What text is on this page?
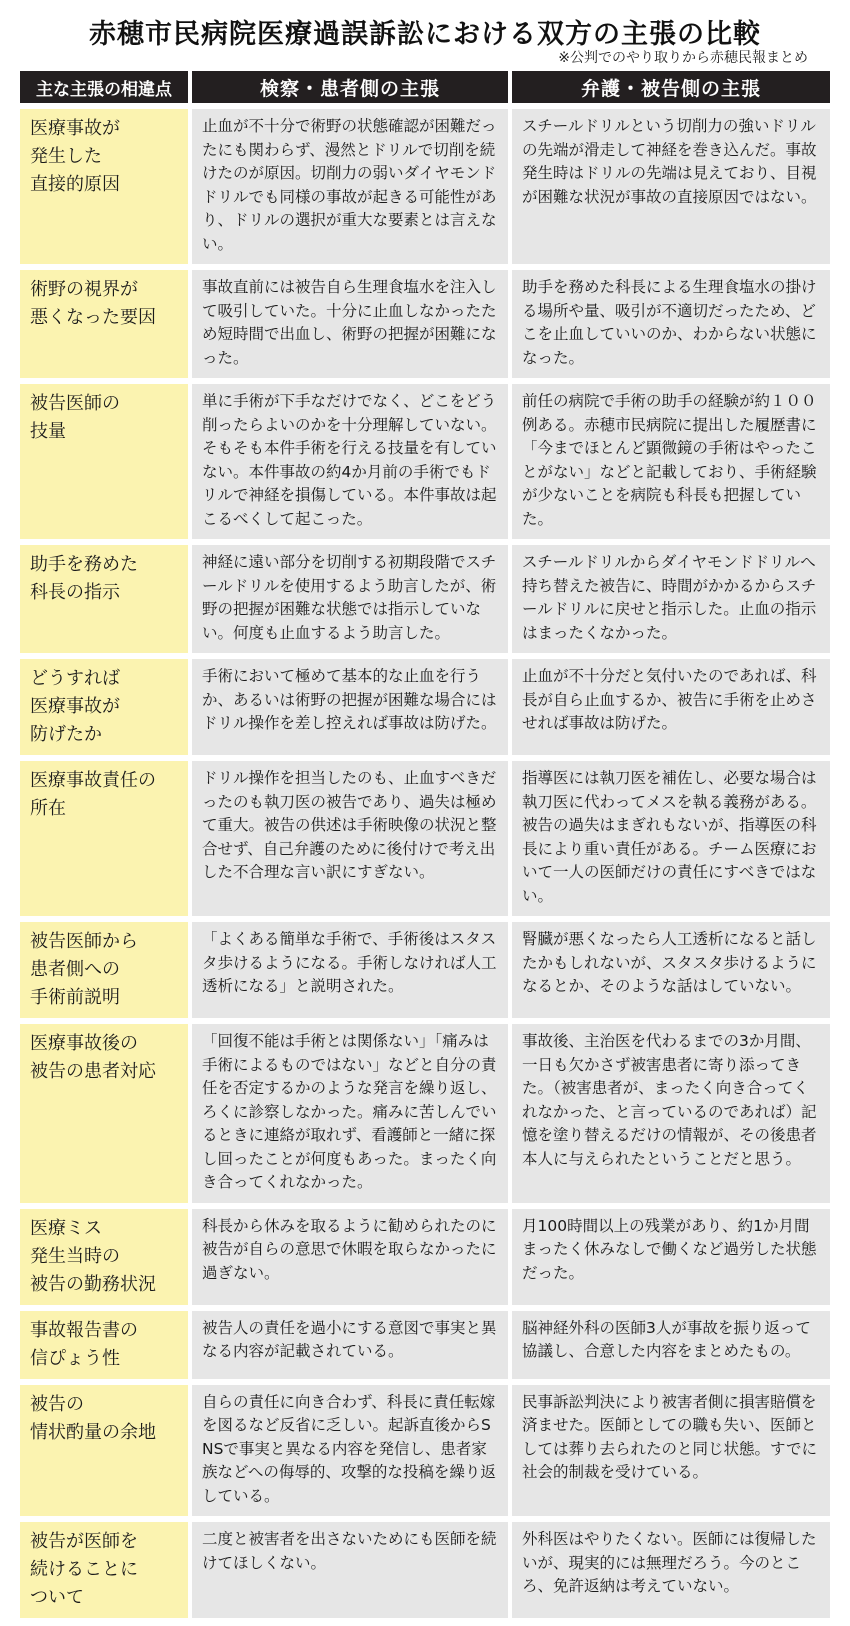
赤穂市民病院医療過誤訴訟における双方の主張の比較
※公判でのやり取りから赤穂民報まとめ
主な主張の相違点	検察・患者側の主張	弁護・被告側の主張
医療事故が
発生した
直接的原因
止血が不十分で術野の状態確認が困難だったにも関わらず、漫然とドリルで切削を続けたのが原因。切削力の弱いダイヤモンドドリルでも同様の事故が起きる可能性があり、ドリルの選択が重大な要素とは言えない。
スチールドリルという切削力の強いドリルの先端が滑走して神経を巻き込んだ。事故発生時はドリルの先端は見えており、目視が困難な状況が事故の直接原因ではない。
術野の視界が
悪くなった要因
事故直前には被告自ら生理食塩水を注入して吸引していた。十分に止血しなかったため短時間で出血し、術野の把握が困難になった。
助手を務めた科長による生理食塩水の掛ける場所や量、吸引が不適切だったため、どこを止血していいのか、わからない状態になった。
被告医師の
技量
単に手術が下手なだけでなく、どこをどう削ったらよいのかを十分理解していない。そもそも本件手術を行える技量を有していない。本件事故の約4か月前の手術でもドリルで神経を損傷している。本件事故は起こるべくして起こった。
前任の病院で手術の助手の経験が約１００例ある。赤穂市民病院に提出した履歴書に「今までほとんど顕微鏡の手術はやったことがない」などと記載しており、手術経験が少ないことを病院も科長も把握していた。
助手を務めた
科長の指示
神経に遠い部分を切削する初期段階でスチールドリルを使用するよう助言したが、術野の把握が困難な状態では指示していない。何度も止血するよう助言した。
スチールドリルからダイヤモンドドリルへ持ち替えた被告に、時間がかかるからスチールドリルに戻せと指示した。止血の指示はまったくなかった。
どうすれば
医療事故が
防げたか
手術において極めて基本的な止血を行うか、あるいは術野の把握が困難な場合にはドリル操作を差し控えれば事故は防げた。
止血が不十分だと気付いたのであれば、科長が自ら止血するか、被告に手術を止めさせれば事故は防げた。
医療事故責任の
所在
ドリル操作を担当したのも、止血すべきだったのも執刀医の被告であり、過失は極めて重大。被告の供述は手術映像の状況と整合せず、自己弁護のために後付けで考え出した不合理な言い訳にすぎない。
指導医には執刀医を補佐し、必要な場合は執刀医に代わってメスを執る義務がある。被告の過失はまぎれもないが、指導医の科長により重い責任がある。チーム医療において一人の医師だけの責任にすべきではない。
被告医師から
患者側への
手術前説明
「よくある簡単な手術で、手術後はスタスタ歩けるようになる。手術しなければ人工透析になる」と説明された。
腎臓が悪くなったら人工透析になると話したかもしれないが、スタスタ歩けるようになるとか、そのような話はしていない。
医療事故後の
被告の患者対応
「回復不能は手術とは関係ない」「痛みは手術によるものではない」などと自分の責任を否定するかのような発言を繰り返し、ろくに診察しなかった。痛みに苦しんでいるときに連絡が取れず、看護師と一緒に探し回ったことが何度もあった。まったく向き合ってくれなかった。
事故後、主治医を代わるまでの3か月間、一日も欠かさず被害患者に寄り添ってきた。（被害患者が、まったく向き合ってくれなかった、と言っているのであれば）記憶を塗り替えるだけの情報が、その後患者本人に与えられたということだと思う。
医療ミス
発生当時の
被告の勤務状況
科長から休みを取るように勧められたのに被告が自らの意思で休暇を取らなかったに過ぎない。
月100時間以上の残業があり、約1か月間まったく休みなしで働くなど過労した状態だった。
事故報告書の
信ぴょう性
被告人の責任を過小にする意図で事実と異なる内容が記載されている。
脳神経外科の医師3人が事故を振り返って協議し、合意した内容をまとめたもの。
被告の
情状酌量の余地
自らの責任に向き合わず、科長に責任転嫁を図るなど反省に乏しい。起訴直後からSNSで事実と異なる内容を発信し、患者家族などへの侮辱的、攻撃的な投稿を繰り返している。
民事訴訟判決により被害者側に損害賠償を済ませた。医師としての職も失い、医師としては葬り去られたのと同じ状態。すでに社会的制裁を受けている。
被告が医師を
続けることに
ついて
二度と被害者を出さないためにも医師を続けてほしくない。
外科医はやりたくない。医師には復帰したいが、現実的には無理だろう。今のところ、免許返納は考えていない。
